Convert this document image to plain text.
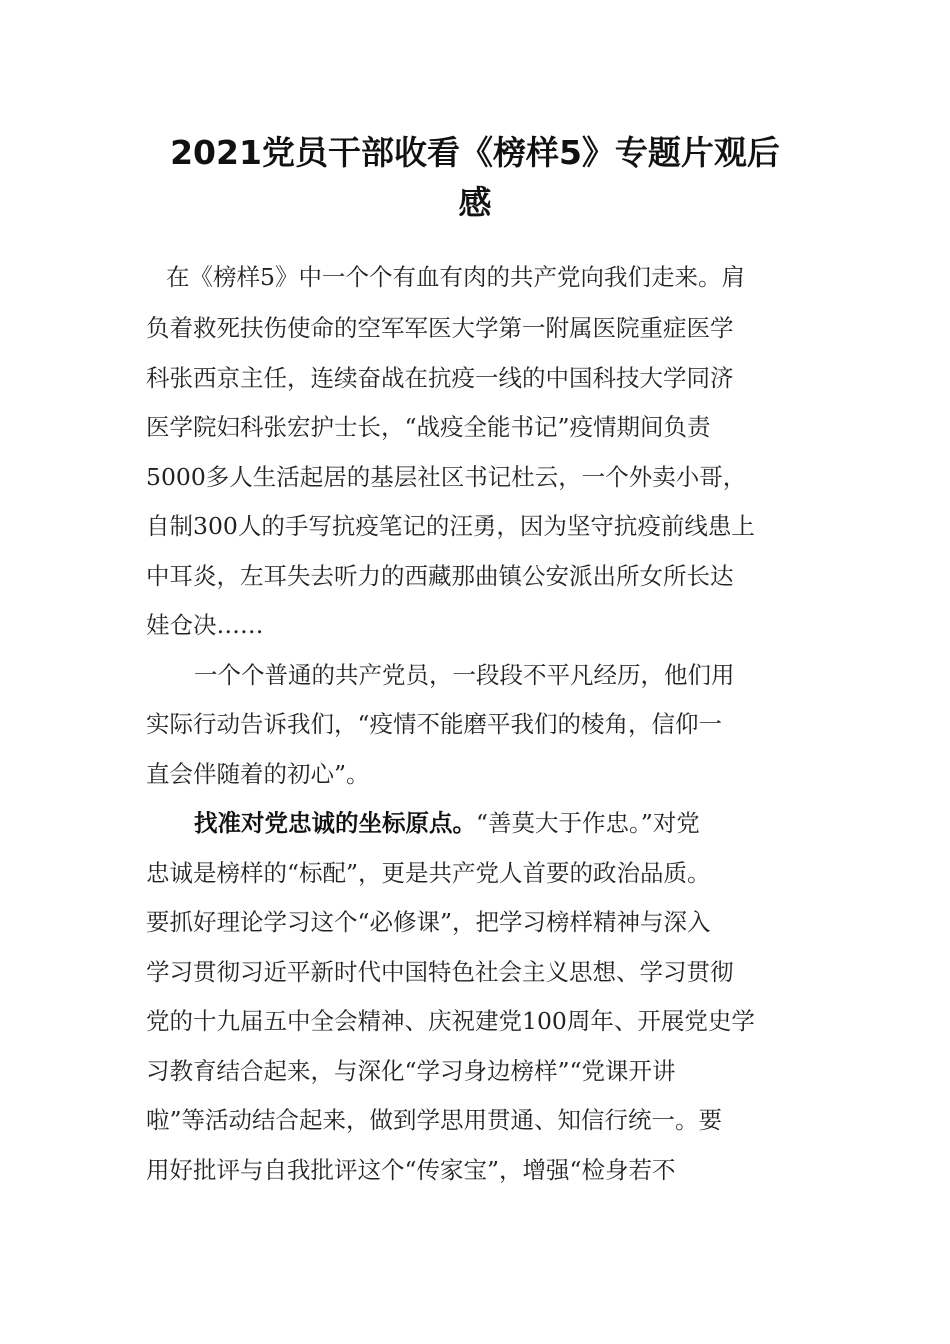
2021党员干部收看《榜样5》专题片观后
感

在《榜样5》中一个个有血有肉的共产党向我们走来。肩

负着救死扶伤使命的空军军医大学第一附属医院重症医学

科张西京主任，连续奋战在抗疫一线的中国科技大学同济

医学院妇科张宏护士长，“战疫全能书记”疫情期间负责

5000多人生活起居的基层社区书记杜云，一个外卖小哥，

自制300人的手写抗疫笔记的汪勇，因为坚守抗疫前线患上

中耳炎，左耳失去听力的西藏那曲镇公安派出所女所长达

娃仓决……

一个个普通的共产党员，一段段不平凡经历，他们用

实际行动告诉我们，“疫情不能磨平我们的棱角，信仰一

直会伴随着的初心”。

找准对党忠诚的坐标原点。“善莫大于作忠。”对党

忠诚是榜样的“标配”，更是共产党人首要的政治品质。

要抓好理论学习这个“必修课”，把学习榜样精神与深入

学习贯彻习近平新时代中国特色社会主义思想、学习贯彻

党的十九届五中全会精神、庆祝建党100周年、开展党史学

习教育结合起来，与深化“学习身边榜样”“党课开讲

啦”等活动结合起来，做到学思用贯通、知信行统一。要

用好批评与自我批评这个“传家宝”，增强“检身若不
